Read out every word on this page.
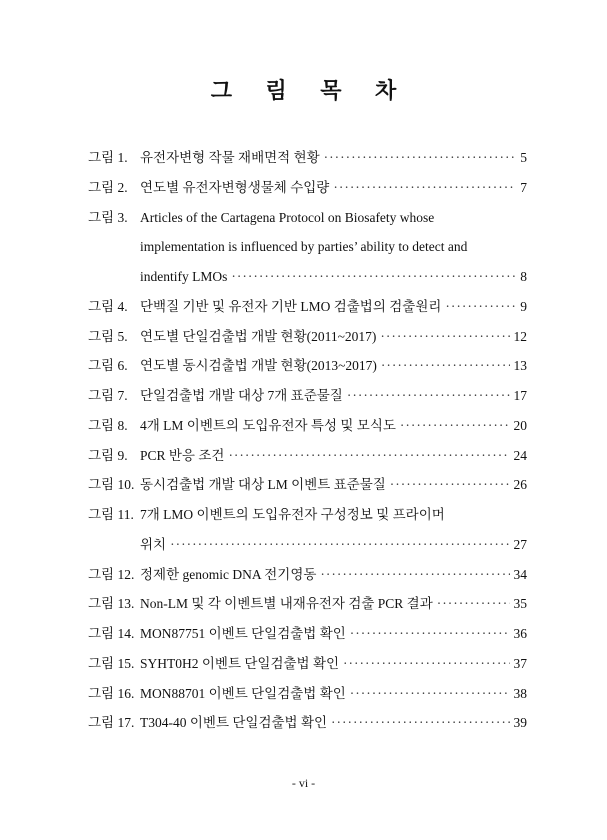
그 림 목 차
그림 1. 유전자변형 작물 재배면적 현황 ·····	5
그림 2. 연도별 유전자변형생물체 수입량 ·····	7
그림 3. Articles of the Cartagena Protocol on Biosafety whose
implementation is influenced by parties’ ability to detect and
indentify LMOs ·····	8
그림 4. 단백질 기반 및 유전자 기반 LMO 검출법의 검출원리 ·····	9
그림 5. 연도별 단일검출법 개발 현황(2011~2017) ·····	12
그림 6. 연도별 동시검출법 개발 현황(2013~2017) ·····	13
그림 7. 단일검출법 개발 대상 7개 표준물질 ·····	17
그림 8. 4개 LM 이벤트의 도입유전자 특성 및 모식도 ·····	20
그림 9. PCR 반응 조건 ·····	24
그림 10. 동시검출법 개발 대상 LM 이벤트 표준물질 ·····	26
그림 11. 7개 LMO 이벤트의 도입유전자 구성정보 및 프라이머
위치 ·····	27
그림 12. 정제한 genomic DNA 전기영동 ·····	34
그림 13. Non-LM 및 각 이벤트별 내재유전자 검출 PCR 결과 ·····	35
그림 14. MON87751 이벤트 단일검출법 확인 ·····	36
그림 15. SYHT0H2 이벤트 단일검출법 확인 ·····	37
그림 16. MON88701 이벤트 단일검출법 확인 ·····	38
그림 17. T304-40 이벤트 단일검출법 확인 ·····	39
- vi -
